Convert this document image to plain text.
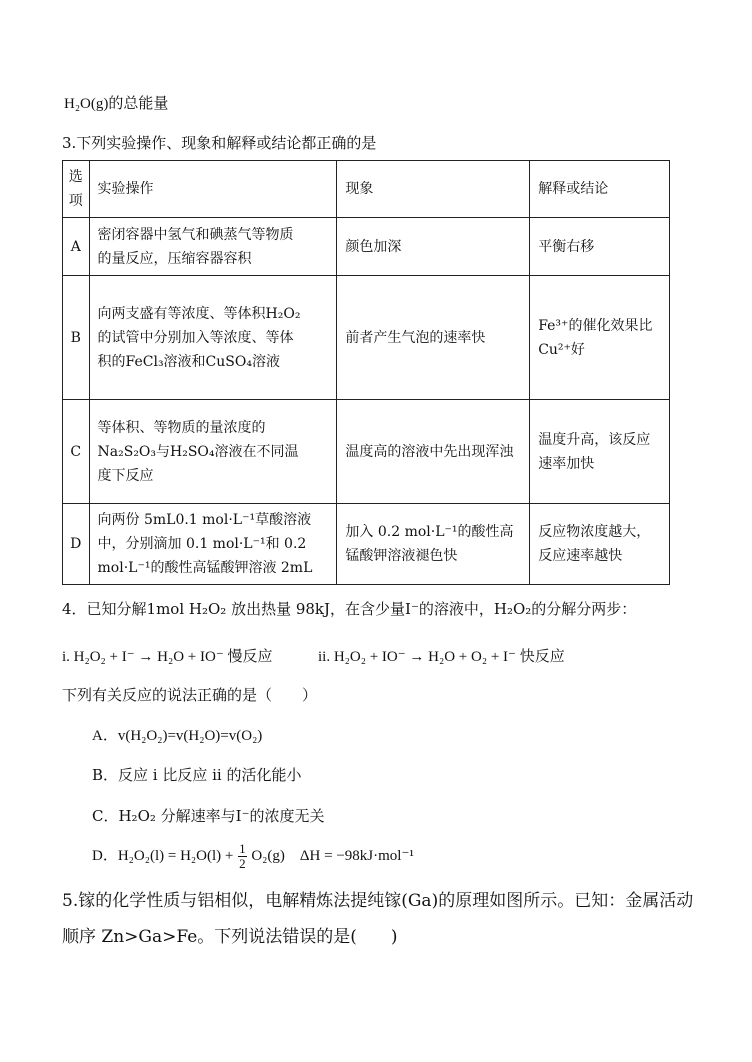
H₂O(g)的总能量
3.下列实验操作、现象和解释或结论都正确的是
选
项	实验操作	现象	解释或结论
A	密闭容器中氢气和碘蒸气等物质
的量反应，压缩容器容积	颜色加深	平衡右移

B	向两支盛有等浓度、等体积H₂O₂
的试管中分别加入等浓度、等体
积的FeCl₃溶液和CuSO₄溶液	前者产生气泡的速率快	Fe³⁺的催化效果比
Cu²⁺好

C	等体积、等物质的量浓度的
Na₂S₂O₃与H₂SO₄溶液在不同温
度下反应	温度高的溶液中先出现浑浊	温度升高，该反应
速率加快

D	向两份 5mL0.1 mol·L⁻¹草酸溶液
中，分别滴加 0.1 mol·L⁻¹和 0.2
mol·L⁻¹的酸性高锰酸钾溶液 2mL	加入 0.2 mol·L⁻¹的酸性高锰酸钾溶液褪色快	反应物浓度越大，
反应速率越快
4．已知分解1mol H₂O₂ 放出热量 98kJ，在含少量I⁻的溶液中，H₂O₂的分解分两步：
i. H₂O₂ + I⁻ → H₂O + IO⁻ 慢反应	ii. H₂O₂ + IO⁻ → H₂O + O₂ + I⁻ 快反应
下列有关反应的说法正确的是（　　）
A．v(H₂O₂)=v(H₂O)=v(O₂)
B．反应 i 比反应 ii 的活化能小
C．H₂O₂ 分解速率与I⁻的浓度无关
D．$H_2O_2(l) = H_2O(l) + \frac{1}{2} O_2(g)$　ΔH = −98kJ·mol⁻¹
5.镓的化学性质与铝相似，电解精炼法提纯镓(Ga)的原理如图所示。已知：金属活动
顺序 Zn>Ga>Fe。下列说法错误的是(　　)
